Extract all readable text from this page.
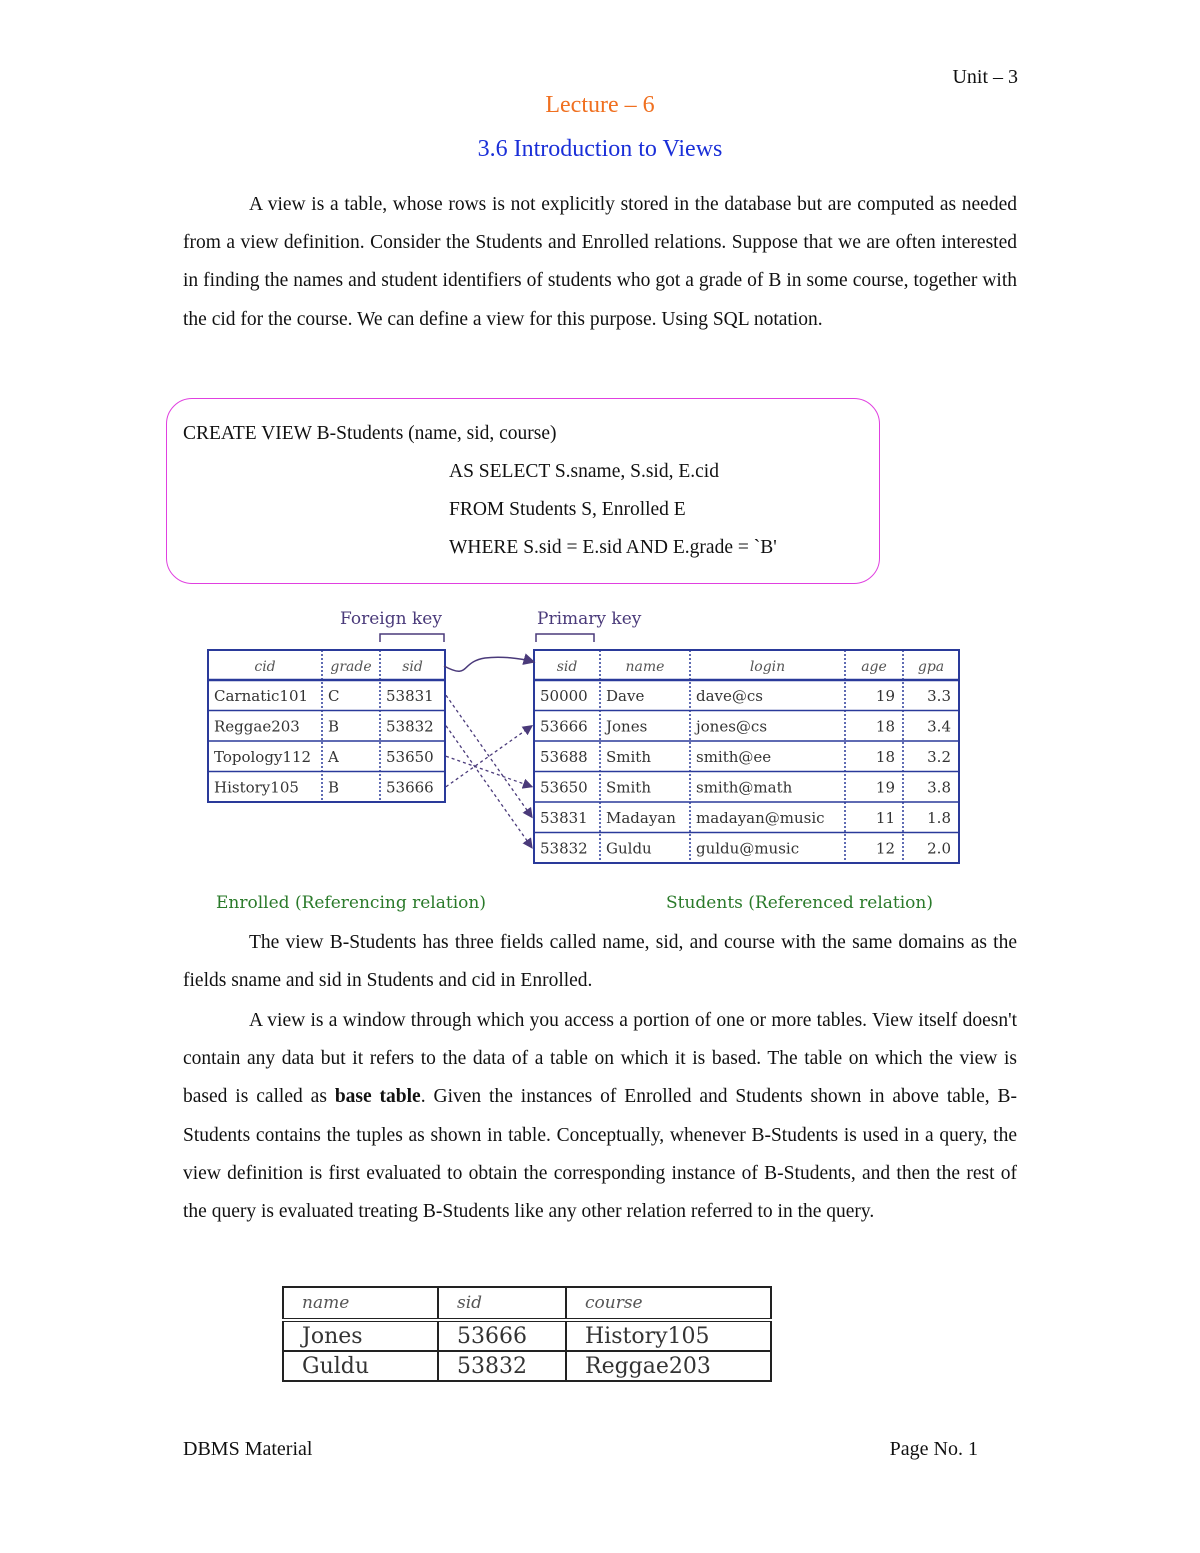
Unit – 3
Lecture – 6
3.6 Introduction to Views

A view is a table, whose rows is not explicitly stored in the database but are computed as needed from a view definition. Consider the Students and Enrolled relations. Suppose that we are often interested in finding the names and student identifiers of students who got a grade of B in some course, together with the cid for the course. We can define a view for this purpose. Using SQL notation.

CREATE VIEW B-Students (name, sid, course)
AS SELECT S.sname, S.sid, E.cid
FROM Students S, Enrolled E
WHERE S.sid = E.sid AND E.grade = `B'
Foreign key	Primary key
cid	grade sid
Carnatic101 C	53831
Reggae203 B	53832
Topology112 A	53650
History105 B	53666
sid	name	login	age gpa
50000 Dave	dave@cs	19 3.3
53666 Jones	jones@cs	18 3.4
53688 Smith	smith@ee	18 3.2
53650 Smith	smith@math	19 3.8
53831 Madayan madayan@music	11 1.8
53832 Guldu	guldu@music	12 2.0
Enrolled (Referencing relation)	Students (Referenced relation)

The view B-Students has three fields called name, sid, and course with the same domains as the fields sname and sid in Students and cid in Enrolled.

A view is a window through which you access a portion of one or more tables. View itself doesn't contain any data but it refers to the data of a table on which it is based. The table on which the view is based is called as base table. Given the instances of Enrolled and Students shown in above table, B-Students contains the tuples as shown in table. Conceptually, whenever B-Students is used in a query, the view definition is first evaluated to obtain the corresponding instance of B-Students, and then the rest of the query is evaluated treating B-Students like any other relation referred to in the query.

name	sid	course
Jones	53666	History105
Guldu	53832	Reggae203
DBMS Material	Page No. 1
